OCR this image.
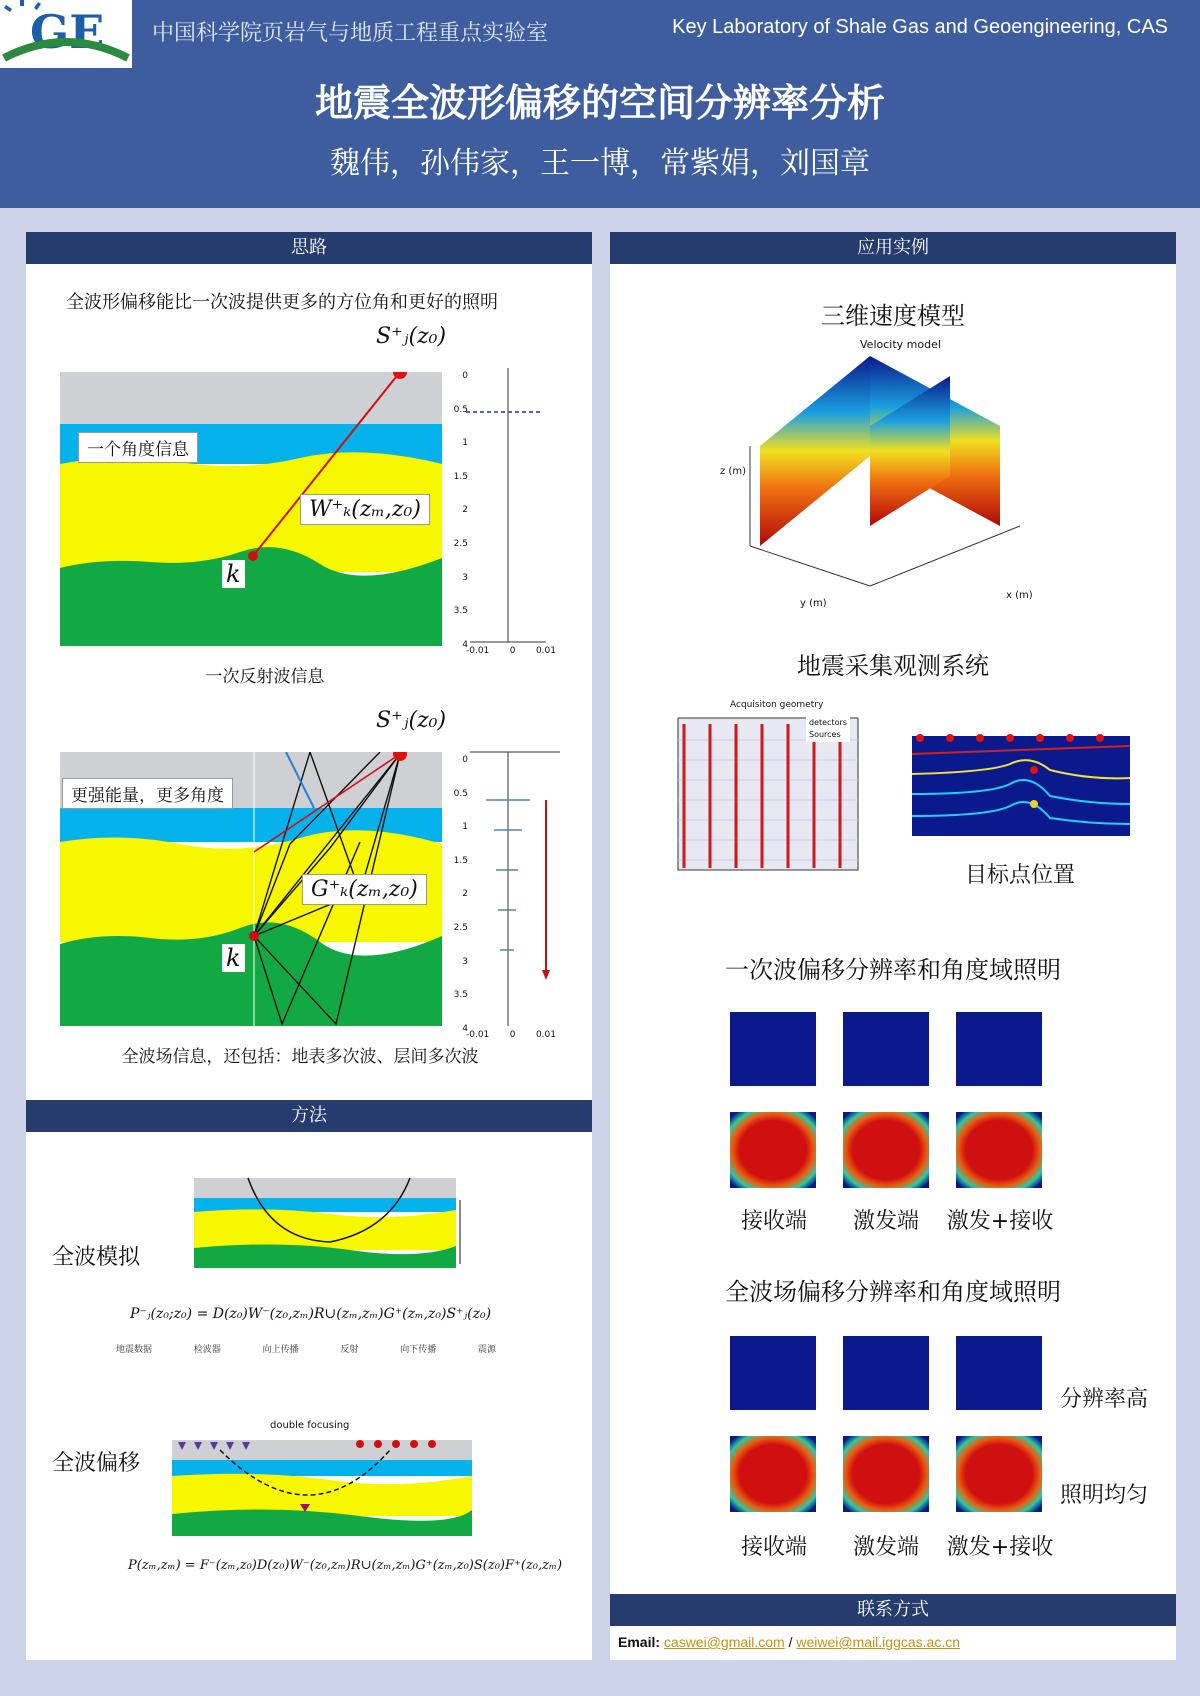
GE 中国科学院页岩气与地质工程重点实验室	Key Laboratory of Shale Gas and Geoengineering, CAS
地震全波形偏移的空间分辨率分析
魏伟，孙伟家，王一博，常紫娟，刘国章
思路
全波形偏移能比一次波提供更多的方位角和更好的照明
S⁺ⱼ(z₀)
一个角度信息
W⁺ₖ(zₘ,z₀)
k
0
0.5
1
1.5
2
2.5
3
3.5
4
-0.01 0 0.01
一次反射波信息
S⁺ⱼ(z₀)
更强能量，更多角度
G⁺ₖ(zₘ,z₀)
k
0
0.5
1
1.5
2
2.5
3
3.5
4
-0.01 0 0.01
全波场信息，还包括：地表多次波、层间多次波
方法
全波模拟
P⁻ⱼ(z₀;z₀) = D(z₀)W⁻(z₀,zₘ)R∪(zₘ,zₘ)G⁺(zₘ,z₀)S⁺ⱼ(z₀)
地震数据	检波器	向上传播	反射	向下传播	震源
double focusing
全波偏移
P(zₘ,zₘ) = F⁻(zₘ,z₀)D(z₀)W⁻(z₀,zₘ)R∪(zₘ,zₘ)G⁺(zₘ,z₀)S(z₀)F⁺(z₀,zₘ)
应用实例
三维速度模型
Velocity model
z (m)
y (m)
x (m)
地震采集观测系统
Acquisiton geometry
detectors
Sources
目标点位置
一次波偏移分辨率和角度域照明
接收端	激发端	激发+接收
全波场偏移分辨率和角度域照明
分辨率高
照明均匀
接收端	激发端	激发+接收
联系方式
Email: caswei@gmail.com / weiwei@mail.iggcas.ac.cn
